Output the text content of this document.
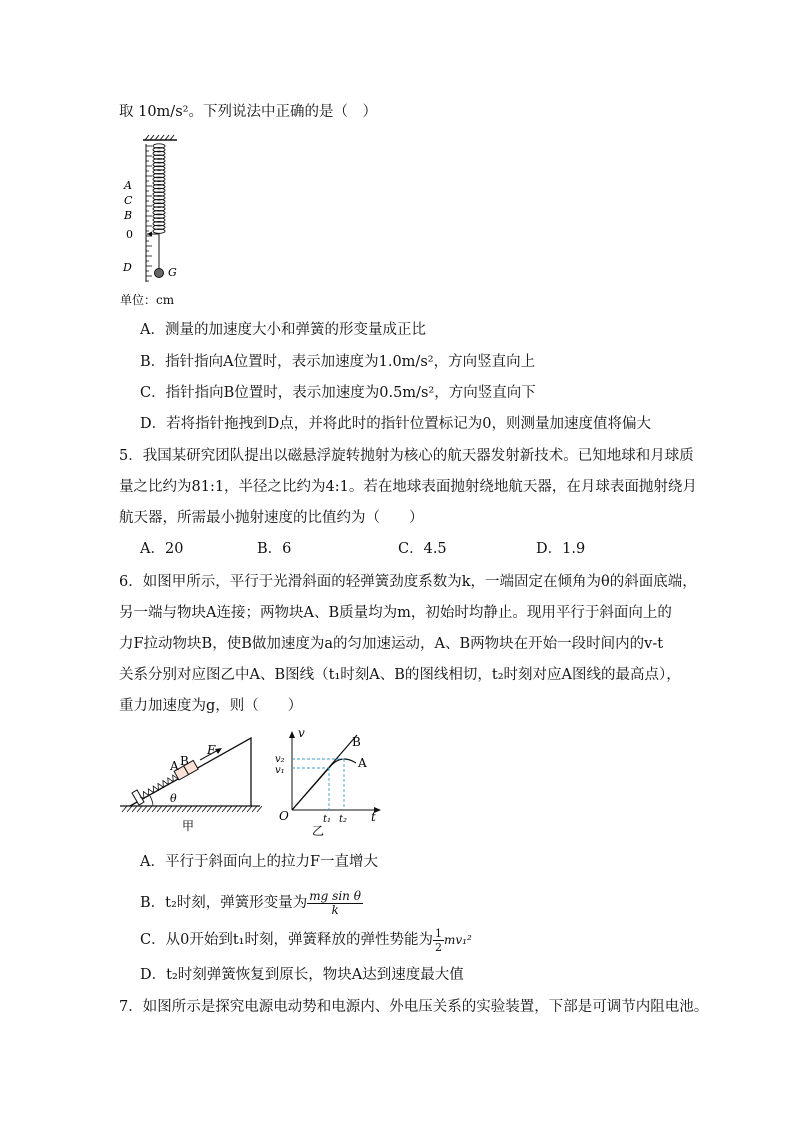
取 10m/s²。下列说法中正确的是（　）
A
C
B
0
D	G
单位：cm
A．测量的加速度大小和弹簧的形变量成正比
B．指针指向A位置时，表示加速度为1.0m/s²，方向竖直向上
C．指针指向B位置时，表示加速度为0.5m/s²，方向竖直向下
D．若将指针拖拽到D点，并将此时的指针位置标记为0，则测量加速度值将偏大
5．我国某研究团队提出以磁悬浮旋转抛射为核心的航天器发射新技术。已知地球和月球质
量之比约为81:1，半径之比约为4:1。若在地球表面抛射绕地航天器，在月球表面抛射绕月
航天器，所需最小抛射速度的比值约为（　　）
A．20	B．6	C．4.5	D．1.9
6．如图甲所示，平行于光滑斜面的轻弹簧劲度系数为k，一端固定在倾角为θ的斜面底端，
另一端与物块A连接；两物块A、B质量均为m，初始时均静止。现用平行于斜面向上的
力F拉动物块B，使B做加速度为a的匀加速运动，A、B两物块在开始一段时间内的v-t
关系分别对应图乙中A、B图线（t₁时刻A、B的图线相切，t₂时刻对应A图线的最高点），
重力加速度为g，则（　　）
A B
F
θ
甲
v
v₂
v₁
B
A
O	t₁ t₂ t
乙
A．平行于斜面向上的拉力F一直增大
B．t₂时刻，弹簧形变量为 $\frac{\text{mg sin θ}}{k}$
C．从0开始到t₁时刻，弹簧释放的弹性势能为 $\frac{1}{2} mv_1^2$
D．t₂时刻弹簧恢复到原长，物块A达到速度最大值
7．如图所示是探究电源电动势和电源内、外电压关系的实验装置，下部是可调节内阻电池。
